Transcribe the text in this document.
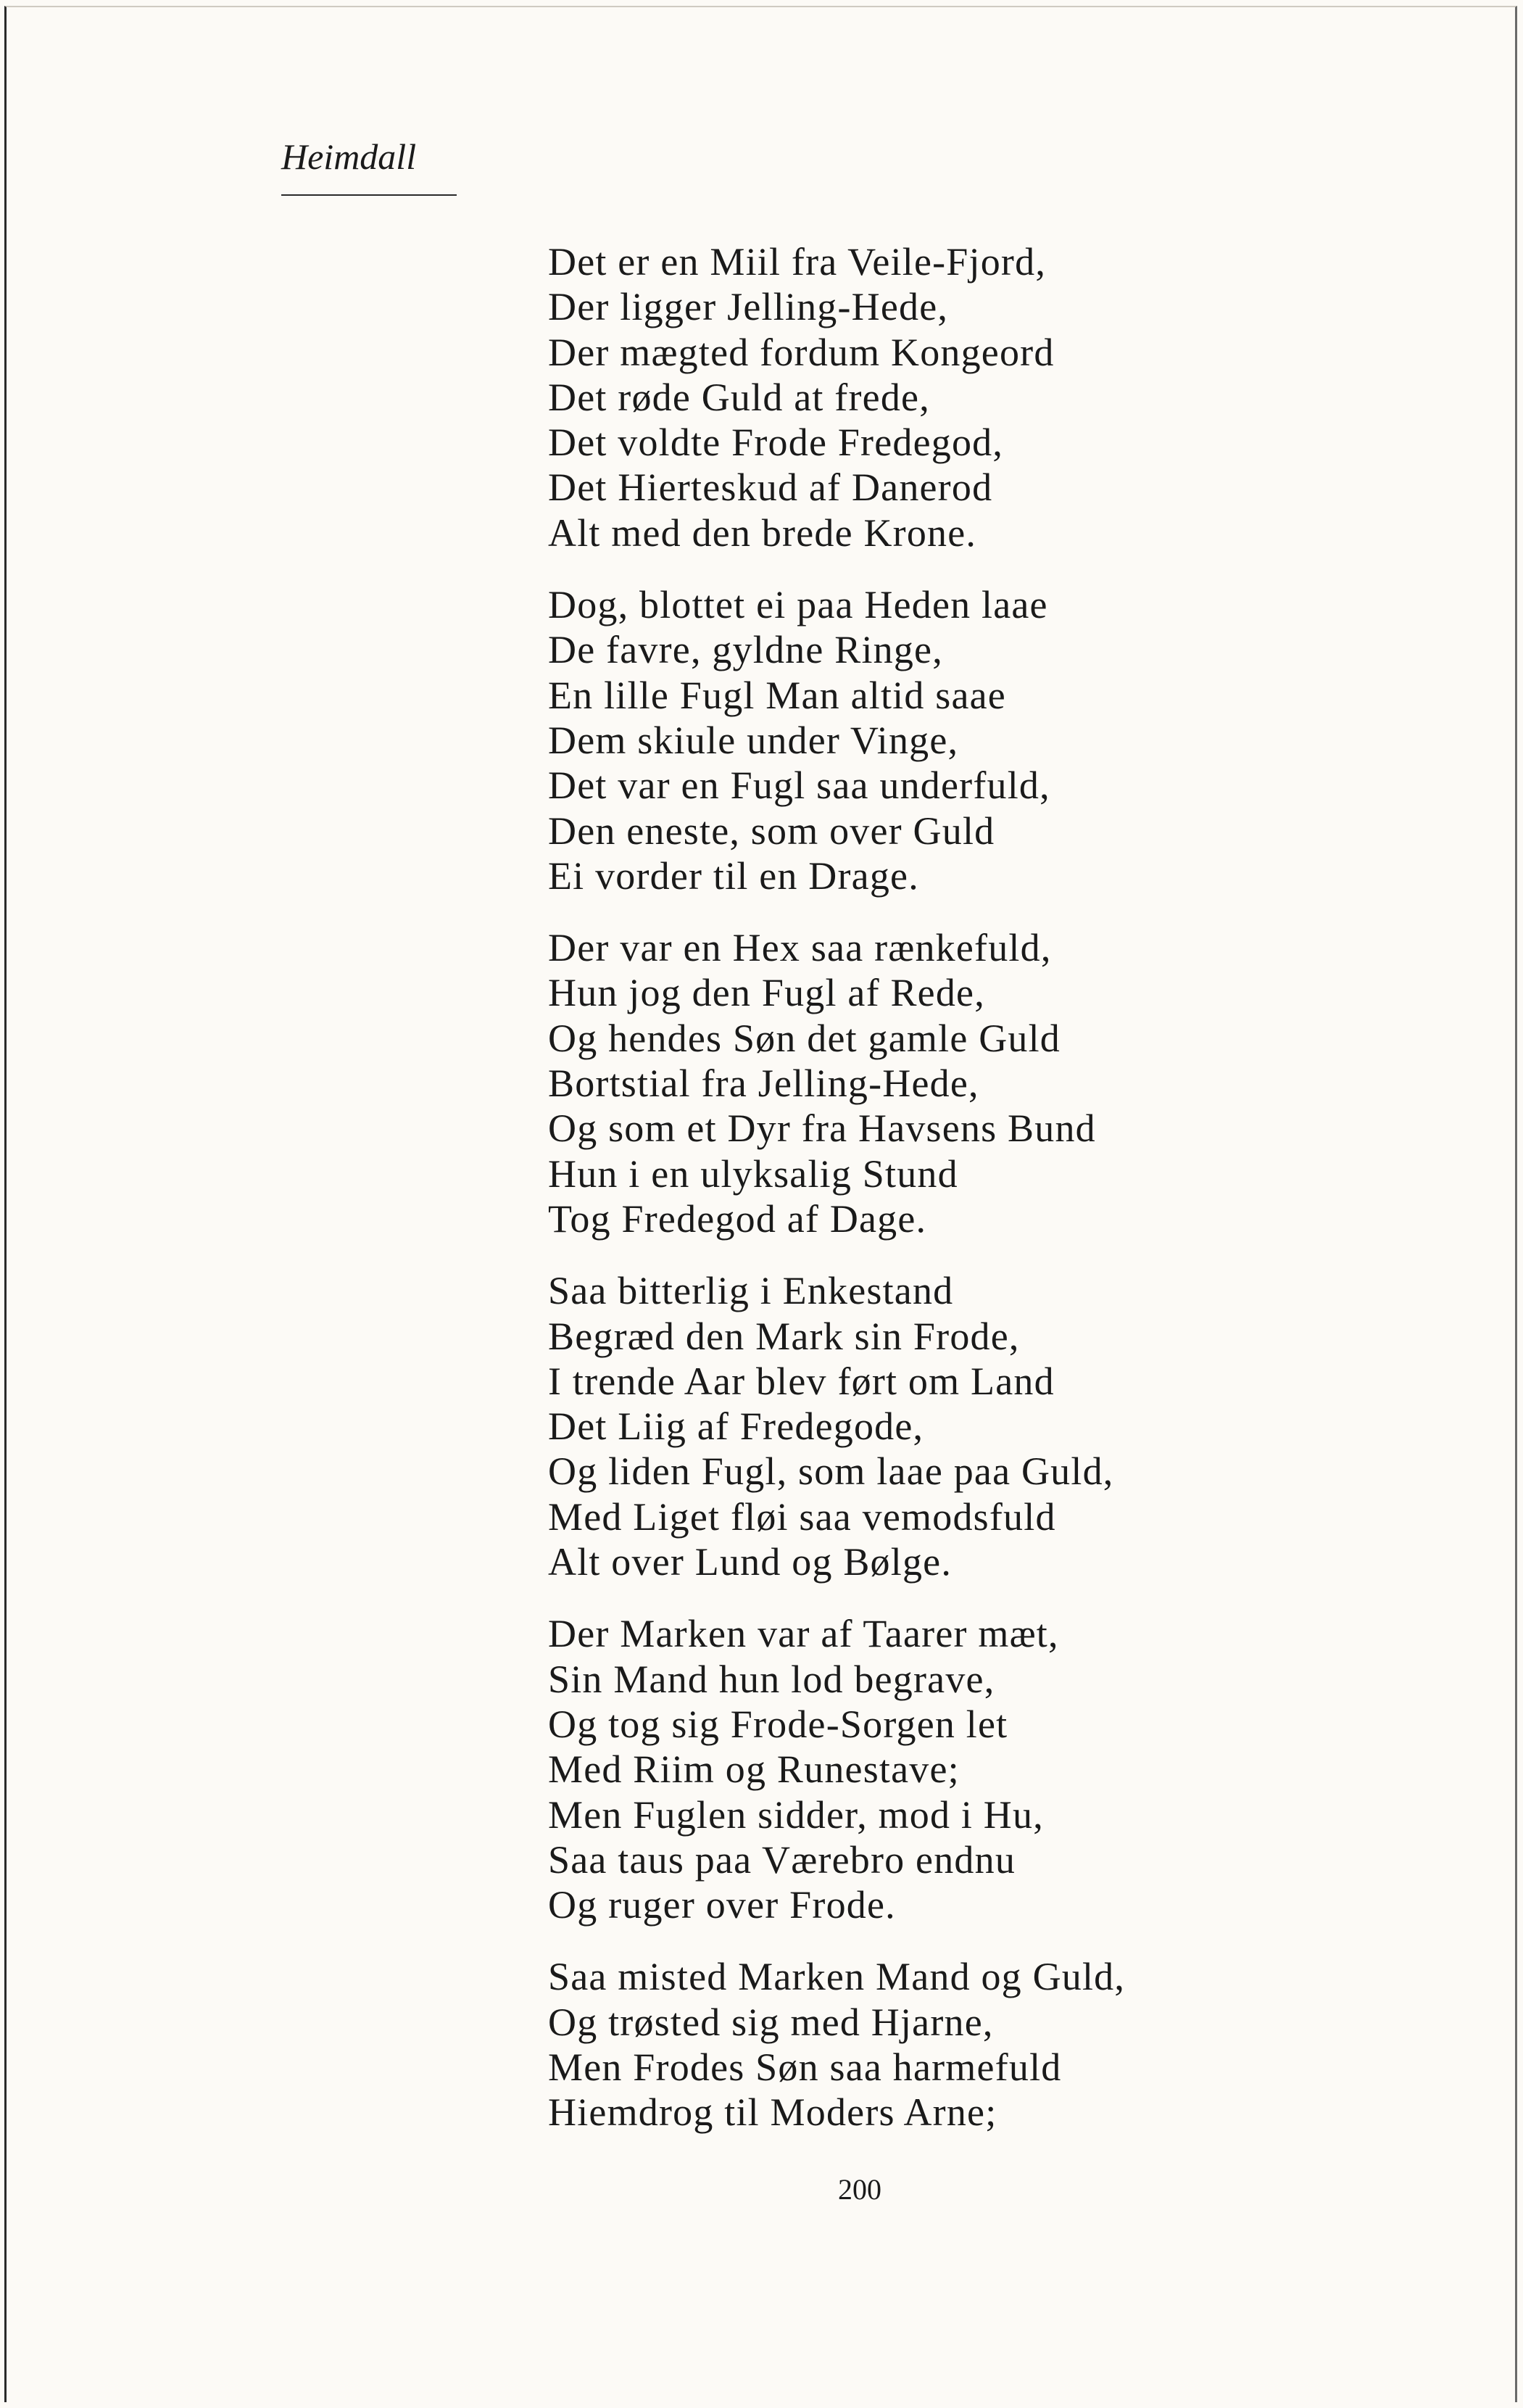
Heimdall
Det er en Miil fra Veile-Fjord,
Der ligger Jelling-Hede,
Der mægted fordum Kongeord
Det røde Guld at frede,
Det voldte Frode Fredegod,
Det Hierteskud af Danerod
Alt med den brede Krone.
Dog, blottet ei paa Heden laae
De favre, gyldne Ringe,
En lille Fugl Man altid saae
Dem skiule under Vinge,
Det var en Fugl saa underfuld,
Den eneste, som over Guld
Ei vorder til en Drage.
Der var en Hex saa rænkefuld,
Hun jog den Fugl af Rede,
Og hendes Søn det gamle Guld
Bortstial fra Jelling-Hede,
Og som et Dyr fra Havsens Bund
Hun i en ulyksalig Stund
Tog Fredegod af Dage.
Saa bitterlig i Enkestand
Begræd den Mark sin Frode,
I trende Aar blev ført om Land
Det Liig af Fredegode,
Og liden Fugl, som laae paa Guld,
Med Liget fløi saa vemodsfuld
Alt over Lund og Bølge.
Der Marken var af Taarer mæt,
Sin Mand hun lod begrave,
Og tog sig Frode-Sorgen let
Med Riim og Runestave;
Men Fuglen sidder, mod i Hu,
Saa taus paa Værebro endnu
Og ruger over Frode.
Saa misted Marken Mand og Guld,
Og trøsted sig med Hjarne,
Men Frodes Søn saa harmefuld
Hiemdrog til Moders Arne;
200
